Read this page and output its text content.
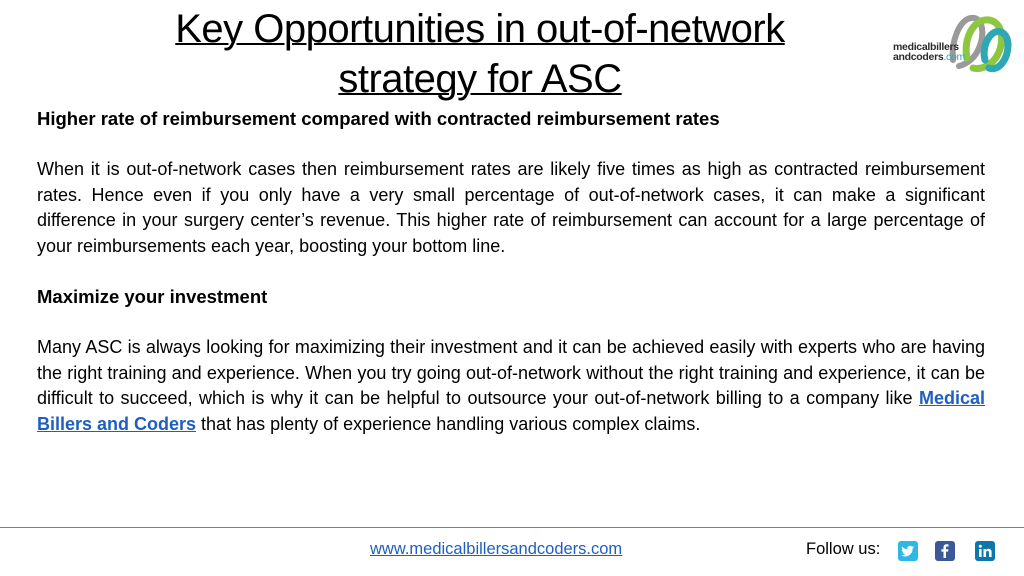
Key Opportunities in out-of-network
strategy for ASC
medicalbillers
andcoders.com

Higher rate of reimbursement compared with contracted reimbursement rates

When it is out-of-network cases then reimbursement rates are likely five times as high as contracted reimbursement rates. Hence even if you only have a very small percentage of out-of-network cases, it can make a significant difference in your surgery center’s revenue. This higher rate of reimbursement can account for a large percentage of your reimbursements each year, boosting your bottom line.

Maximize your investment

Many ASC is always looking for maximizing their investment and it can be achieved easily with experts who are having the right training and experience. When you try going out-of-network without the right training and experience, it can be difficult to succeed, which is why it can be helpful to outsource your out-of-network billing to a company like Medical Billers and Coders that has plenty of experience handling various complex claims.

www.medicalbillersandcoders.com	Follow us:
